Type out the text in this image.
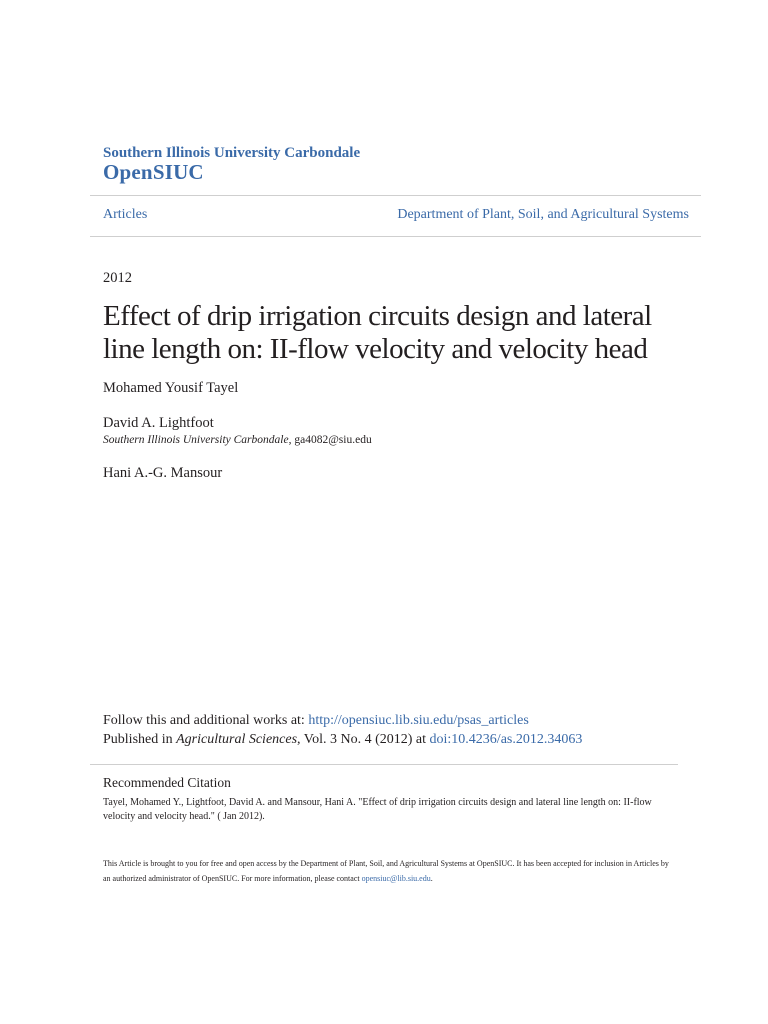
Southern Illinois University Carbondale
OpenSIUC
Articles	Department of Plant, Soil, and Agricultural Systems
2012
Effect of drip irrigation circuits design and lateral line length on: II-flow velocity and velocity head
Mohamed Yousif Tayel
David A. Lightfoot
Southern Illinois University Carbondale, ga4082@siu.edu
Hani A.-G. Mansour
Follow this and additional works at: http://opensiuc.lib.siu.edu/psas_articles
Published in Agricultural Sciences, Vol. 3 No. 4 (2012) at doi:10.4236/as.2012.34063
Recommended Citation
Tayel, Mohamed Y., Lightfoot, David A. and Mansour, Hani A. "Effect of drip irrigation circuits design and lateral line length on: II-flow velocity and velocity head." ( Jan 2012).
This Article is brought to you for free and open access by the Department of Plant, Soil, and Agricultural Systems at OpenSIUC. It has been accepted for inclusion in Articles by an authorized administrator of OpenSIUC. For more information, please contact opensiuc@lib.siu.edu.
